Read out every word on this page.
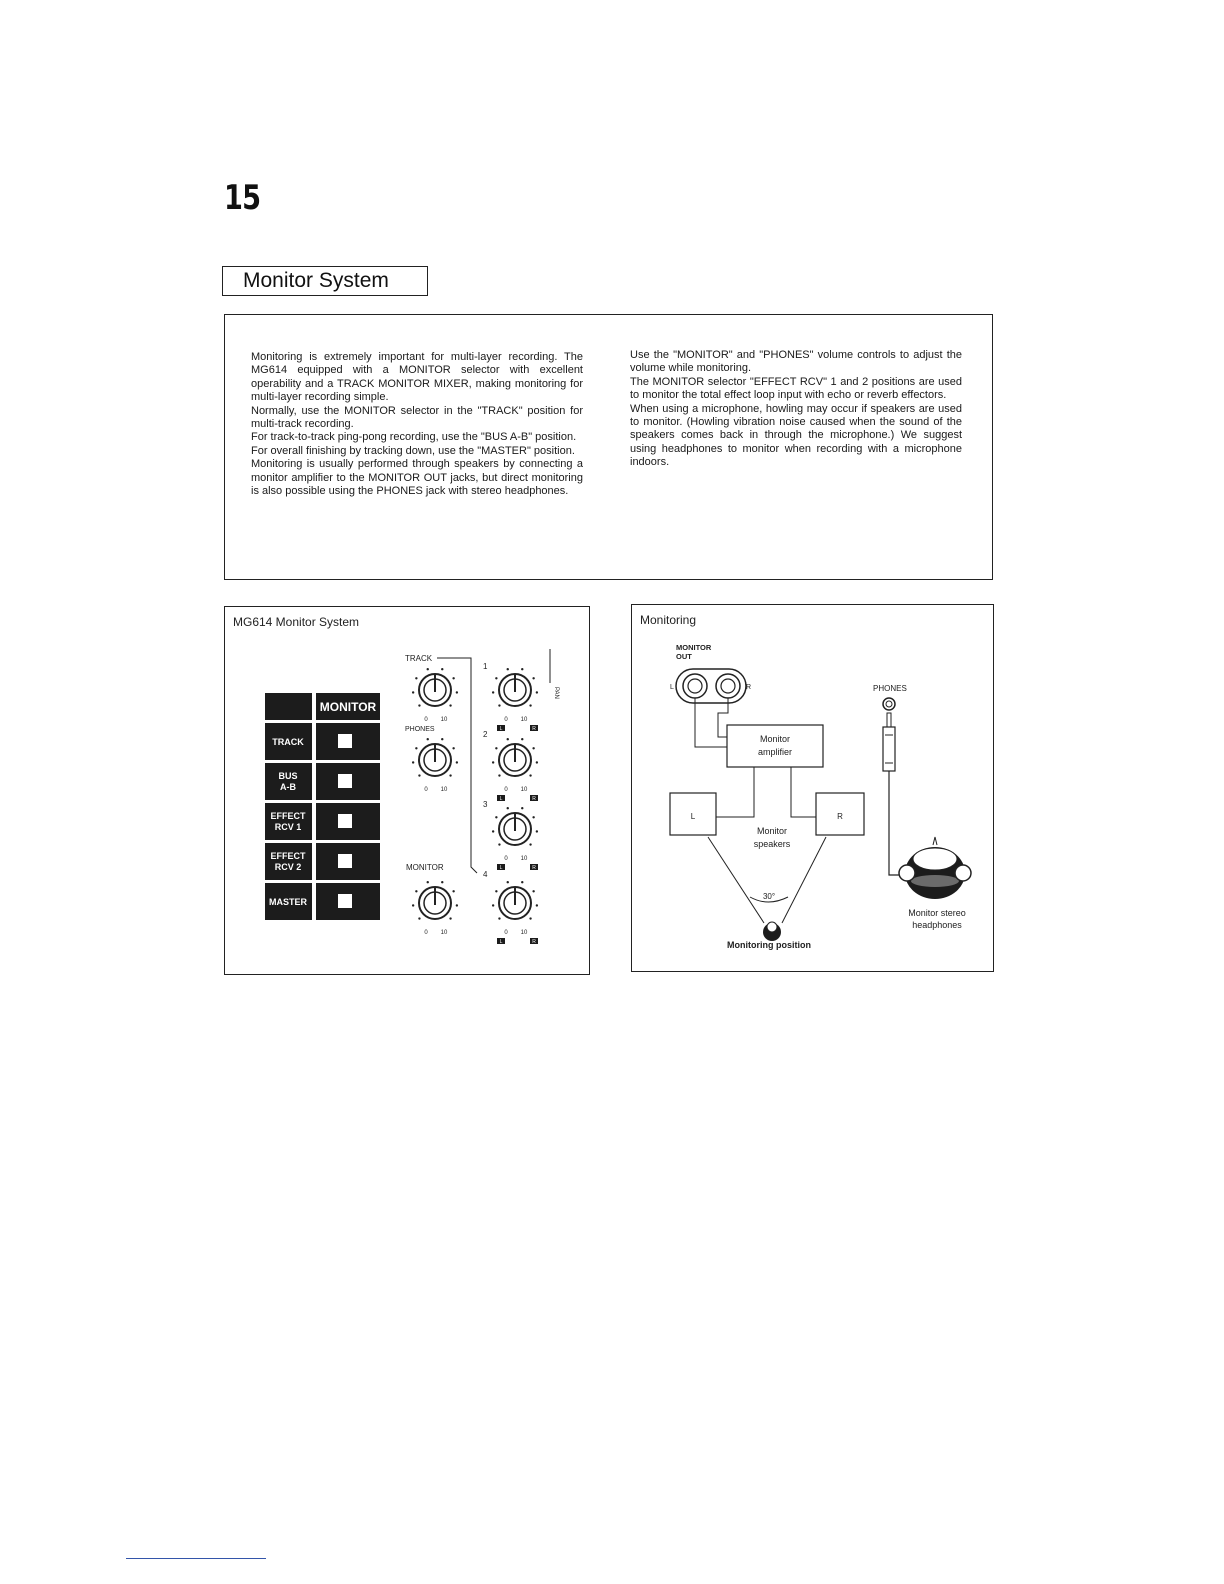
15
Monitor System

Monitoring is extremely important for multi-layer recording. The MG614 equipped with a MONITOR selector with excellent operability and a TRACK MONITOR MIXER, making monitoring for multi-layer recording simple.

Normally, use the MONITOR selector in the "TRACK" position for multi-track recording.

For track-to-track ping-pong recording, use the "BUS A-B" position.

For overall finishing by tracking down, use the "MASTER" position.

Monitoring is usually performed through speakers by connecting a monitor amplifier to the MONITOR OUT jacks, but direct monitoring is also possible using the PHONES jack with stereo headphones.

Use the "MONITOR" and "PHONES" volume controls to adjust the volume while monitoring.

The MONITOR selector "EFFECT RCV" 1 and 2 positions are used to monitor the total effect loop input with echo or reverb effectors.

When using a microphone, howling may occur if speakers are used to monitor. (Howling vibration noise caused when the sound of the speakers comes back in through the microphone.) We suggest using headphones to monitor when recording with a microphone indoors.

MG614 Monitor System
MONITOR
TRACK
BUS
A-B
EFFECT
RCV 1
EFFECT
RCV 2
MASTER
TRACK
PHONES
MONITOR
0 10
0 10
0 10
0 10
L	R
0 10
L	R
0 10
L	R
0 10
L	R
1
2
3
4
PAN
Monitoring
MONITOR
OUT
L	R
Monitor
amplifier
L	R
Monitor
speakers
30°
Monitoring position
PHONES
Monitor stereo
headphones
